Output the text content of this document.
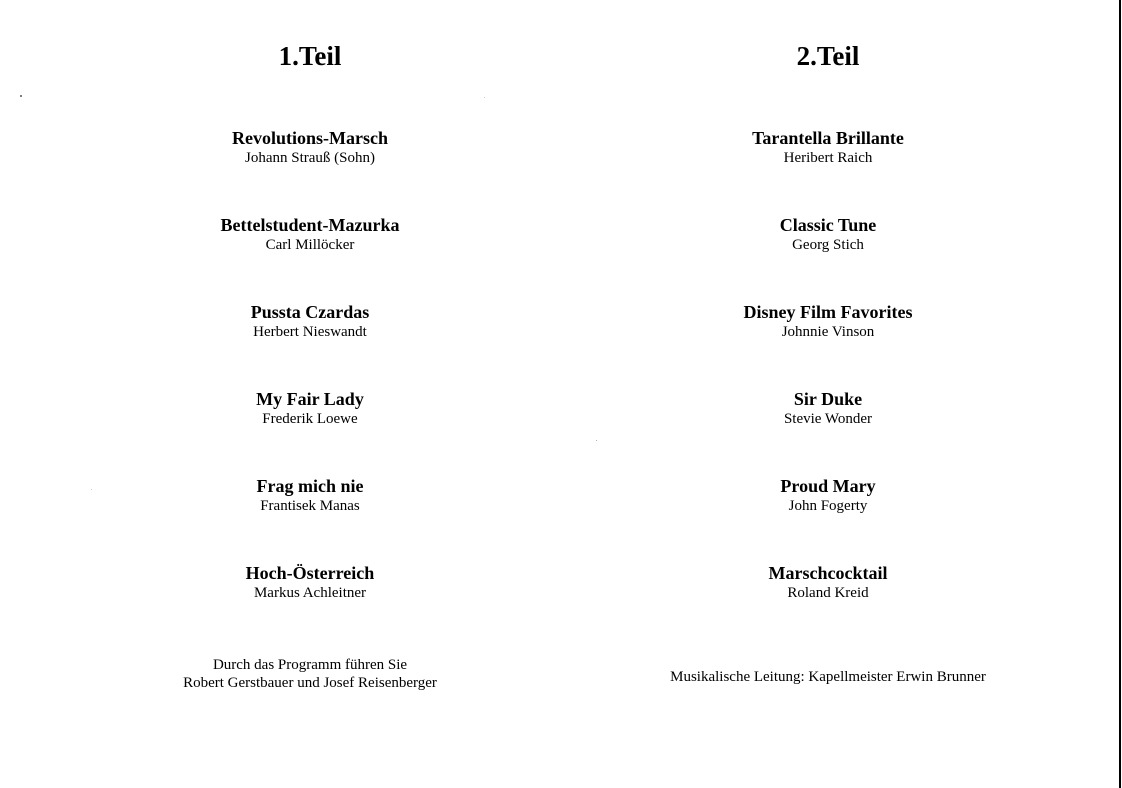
1.Teil
Revolutions-Marsch
Johann Strauß (Sohn)
Bettelstudent-Mazurka
Carl Millöcker
Pussta Czardas
Herbert Nieswandt
My Fair Lady
Frederik Loewe
Frag mich nie
Frantisek Manas
Hoch-Österreich
Markus Achleitner
Durch das Programm führen Sie
Robert Gerstbauer und Josef Reisenberger
2.Teil
Tarantella Brillante
Heribert Raich
Classic Tune
Georg Stich
Disney Film Favorites
Johnnie Vinson
Sir Duke
Stevie Wonder
Proud Mary
John Fogerty
Marschcocktail
Roland Kreid
Musikalische Leitung: Kapellmeister Erwin Brunner
